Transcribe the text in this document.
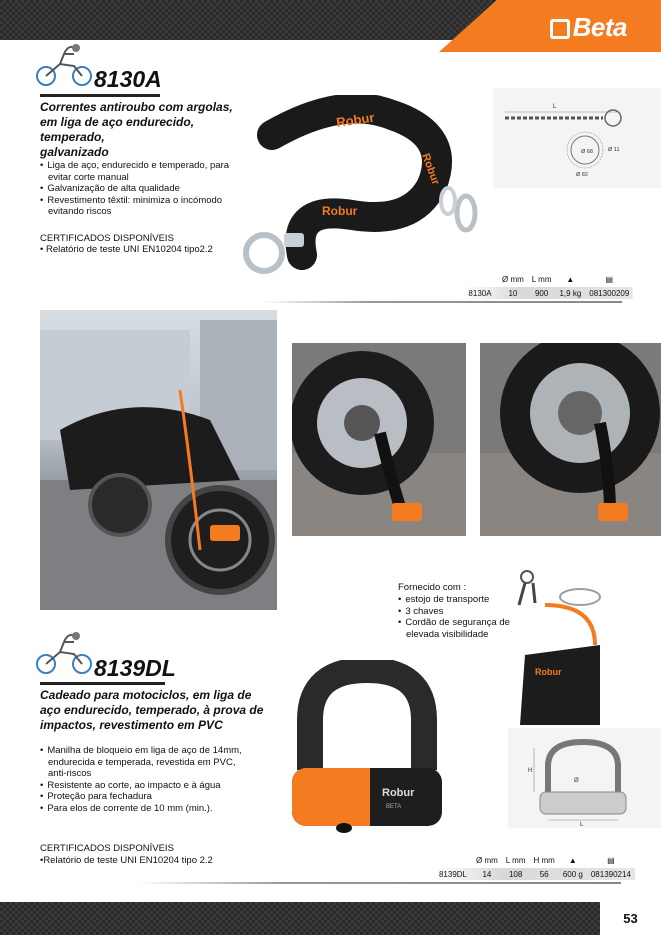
Beta
8130A
Correntes antiroubo com argolas,
em liga de aço endurecido, temperado,
galvanizado
• Liga de aço, endurecido e temperado, para evitar corte manual
• Galvanização de alta qualidade
• Revestimento têxtil: minimiza o incómodo evitando riscos
CERTIFICADOS DISPONÍVEIS
• Relatório de teste UNI EN10204 tipo2.2
Robur
Robur
Robur
L
Ø 68	Ø 11
Ø 82
	Ø mm	L mm	▲	▤
8130A	10	900	1,9 kg	081300209
Fornecido com :
• estojo de transporte
• 3 chaves
• Cordão de segurança de elevada visibilidade
Robur
8139DL
Cadeado para motociclos, em liga de
aço endurecido, temperado, à prova de
impactos, revestimento em PVC
• Manilha de bloqueio em liga de aço de 14mm, endurecida e temperada, revestida em PVC, anti-riscos
• Resistente ao corte, ao impacto e à água
• Proteção para fechadura
• Para elos de corrente de 10 mm (min.).
CERTIFICADOS DISPONÍVEIS
•Relatório de teste UNI EN10204 tipo 2.2
Robur
BETA
H
Ø
L
	Ø mm	L mm	H mm	▲	▤
8139DL	14	108	56	600 g	081390214
53
